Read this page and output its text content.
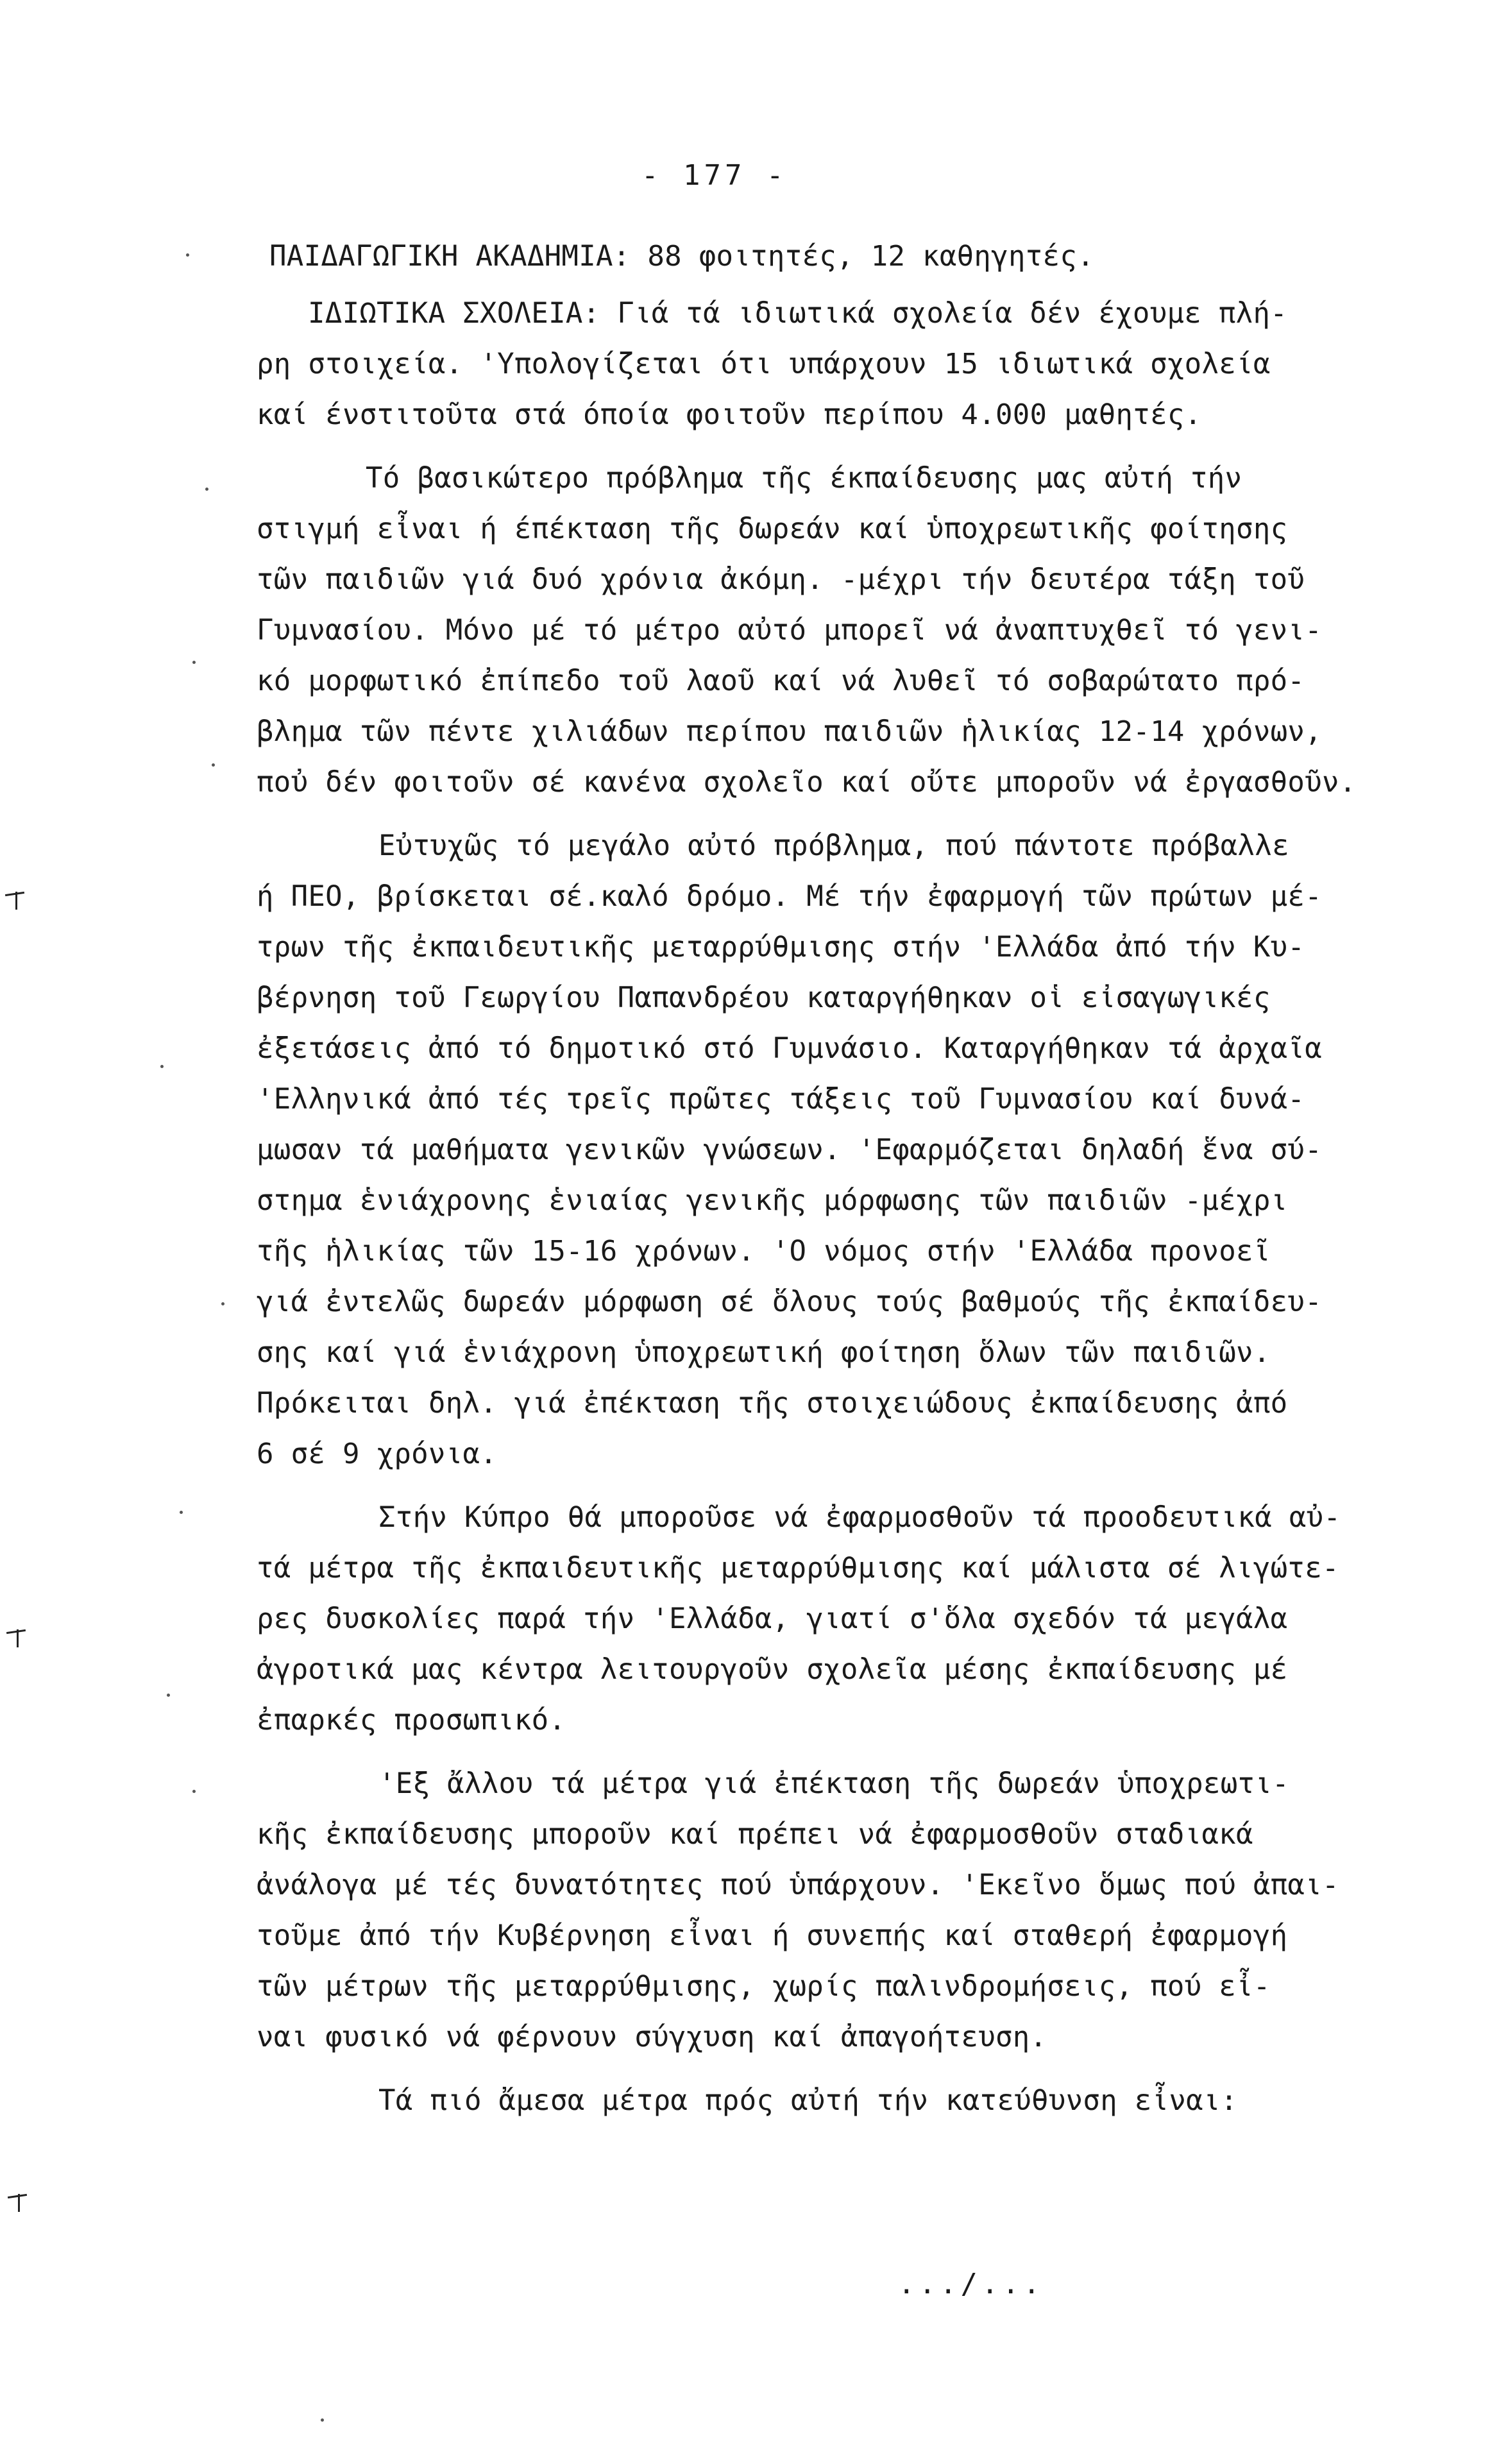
- 177 -
ΠΑΙΔΑΓΩΓΙΚΗ ΑΚΑΔΗΜΙΑ: 88 φοιτητές, 12 καθηγητές.
ΙΔΙΩΤΙΚΑ ΣΧΟΛΕΙΑ: Γιά τά ιδιωτικά σχολεία δέν έχουμε πλή-
ρη στοιχεία. 'Υπολογίζεται ότι υπάρχουν 15 ιδιωτικά σχολεία
καί ένστιτοῦτα στά όποία φοιτοῦν περίπου 4.000 μαθητές.
Τό βασικώτερο πρόβλημα τῆς έκπαίδευσης μας αὐτή τήν
στιγμή εἶναι ή έπέκταση τῆς δωρεάν καί ὑποχρεωτικῆς φοίτησης
τῶν παιδιῶν γιά δυό χρόνια ἀκόμη. -μέχρι τήν δευτέρα τάξη τοῦ
Γυμνασίου. Μόνο μέ τό μέτρο αὐτό μπορεῖ νά ἀναπτυχθεῖ τό γενι-
κό μορφωτικό ἐπίπεδο τοῦ λαοῦ καί νά λυθεῖ τό σοβαρώτατο πρό-
βλημα τῶν πέντε χιλιάδων περίπου παιδιῶν ἡλικίας 12-14 χρόνων,
ποὐ δέν φοιτοῦν σέ κανένα σχολεῖο καί οὔτε μποροῦν νά ἐργασθοῦν.
Εὐτυχῶς τό μεγάλο αὐτό πρόβλημα, πού πάντοτε πρόβαλλε
ή ΠΕΟ, βρίσκεται σέ.καλό δρόμο. Μέ τήν ἐφαρμογή τῶν πρώτων μέ-
τρων τῆς ἐκπαιδευτικῆς μεταρρύθμισης στήν 'Ελλάδα ἀπό τήν Κυ-
βέρνηση τοῦ Γεωργίου Παπανδρέου καταργήθηκαν οἱ εἰσαγωγικές
ἐξετάσεις ἀπό τό δημοτικό στό Γυμνάσιο. Καταργήθηκαν τά ἀρχαῖα
'Ελληνικά ἀπό τές τρεῖς πρῶτες τάξεις τοῦ Γυμνασίου καί δυνά-
μωσαν τά μαθήματα γενικῶν γνώσεων. 'Εφαρμόζεται δηλαδή ἕνα σύ-
στημα ἑνιάχρονης ἑνιαίας γενικῆς μόρφωσης τῶν παιδιῶν -μέχρι
τῆς ἡλικίας τῶν 15-16 χρόνων. 'Ο νόμος στήν 'Ελλάδα προνοεῖ
γιά ἐντελῶς δωρεάν μόρφωση σέ ὅλους τούς βαθμούς τῆς ἐκπαίδευ-
σης καί γιά ἑνιάχρονη ὑποχρεωτική φοίτηση ὅλων τῶν παιδιῶν.
Πρόκειται δηλ. γιά ἐπέκταση τῆς στοιχειώδους ἐκπαίδευσης ἀπό
6 σέ 9 χρόνια.
Στήν Κύπρο θά μποροῦσε νά ἐφαρμοσθοῦν τά προοδευτικά αὐ-
τά μέτρα τῆς ἐκπαιδευτικῆς μεταρρύθμισης καί μάλιστα σέ λιγώτε-
ρες δυσκολίες παρά τήν 'Ελλάδα, γιατί σ'ὅλα σχεδόν τά μεγάλα
ἀγροτικά μας κέντρα λειτουργοῦν σχολεῖα μέσης ἐκπαίδευσης μέ
ἐπαρκές προσωπικό.
'Εξ ἄλλου τά μέτρα γιά ἐπέκταση τῆς δωρεάν ὑποχρεωτι-
κῆς ἐκπαίδευσης μποροῦν καί πρέπει νά ἐφαρμοσθοῦν σταδιακά
ἀνάλογα μέ τές δυνατότητες πού ὑπάρχουν. 'Εκεῖνο ὅμως πού ἀπαι-
τοῦμε ἀπό τήν Κυβέρνηση εἶναι ή συνεπής καί σταθερή ἐφαρμογή
τῶν μέτρων τῆς μεταρρύθμισης, χωρίς παλινδρομήσεις, πού εἶ-
ναι φυσικό νά φέρνουν σύγχυση καί ἀπαγοήτευση.
Τά πιό ἄμεσα μέτρα πρός αὐτή τήν κατεύθυνση εἶναι:
.../...
